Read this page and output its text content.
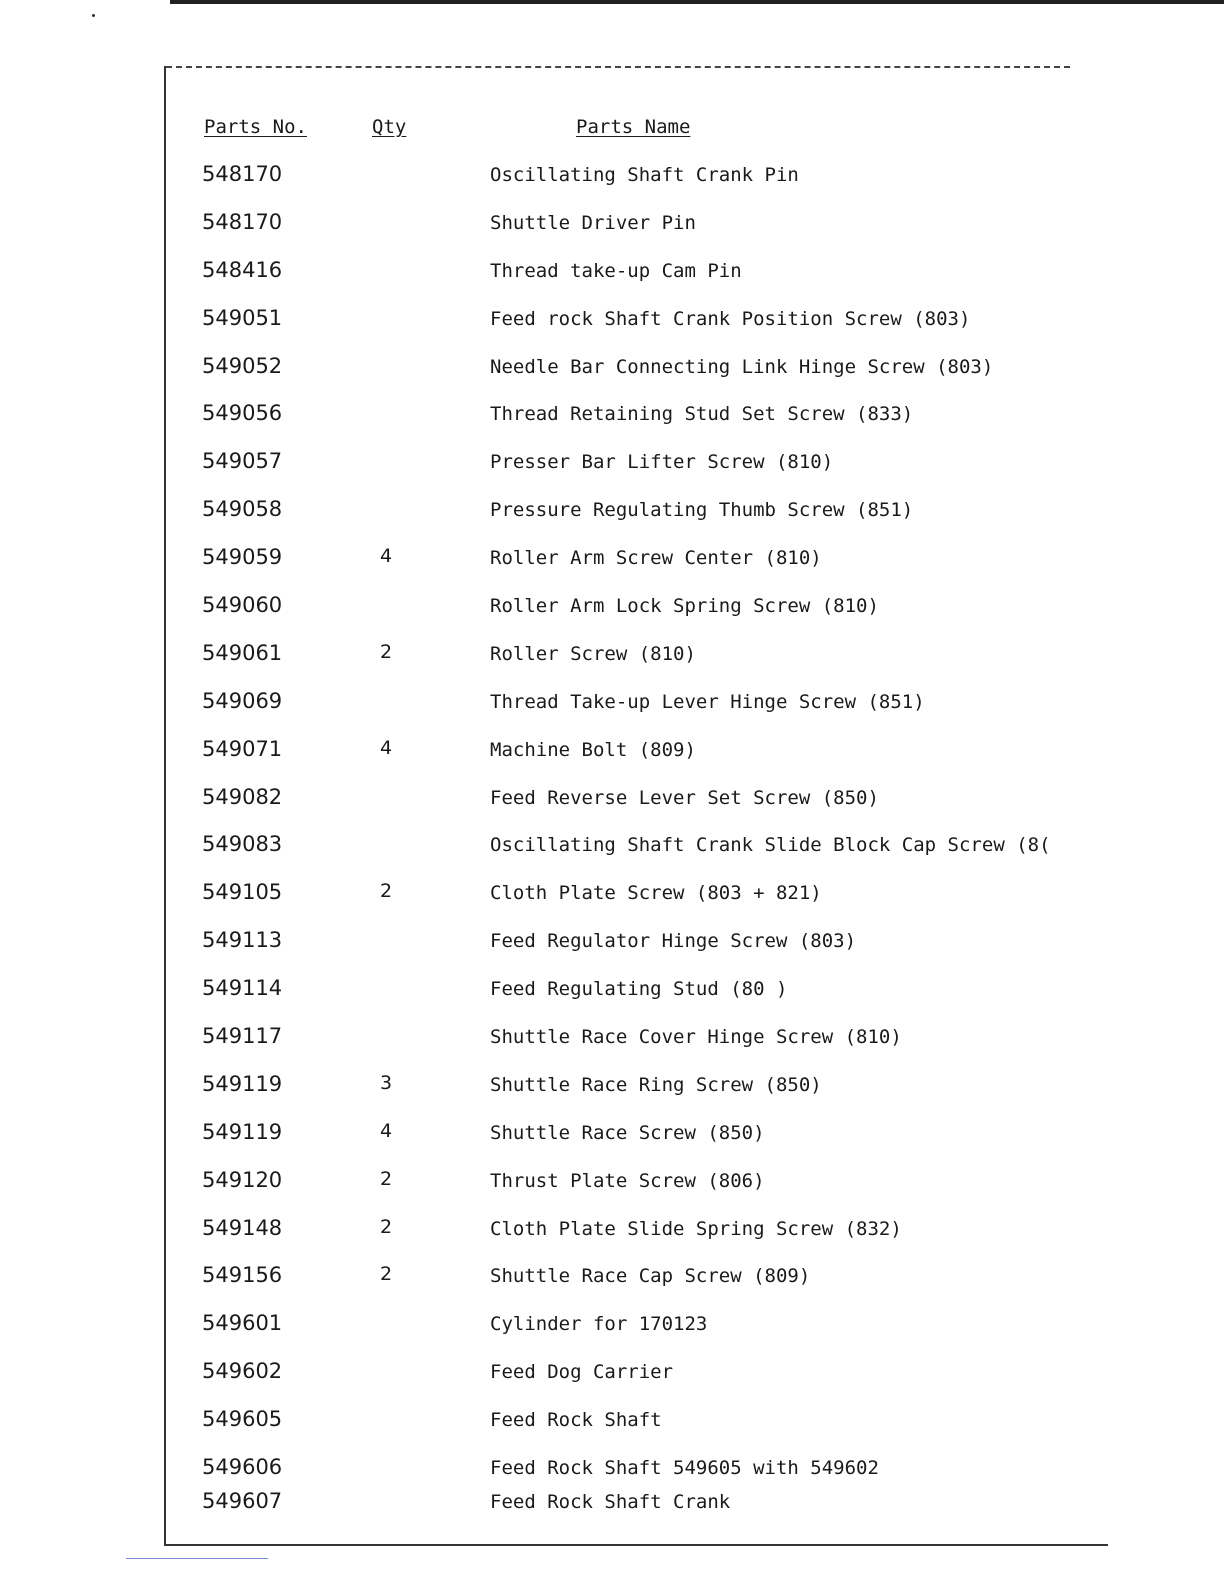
Parts No.	Qty	Parts Name
548170	Oscillating Shaft Crank Pin
548170	Shuttle Driver Pin
548416	Thread take-up Cam Pin
549051	Feed rock Shaft Crank Position Screw (803)
549052	Needle Bar Connecting Link Hinge Screw (803)
549056	Thread Retaining Stud Set Screw (833)
549057	Presser Bar Lifter Screw (810)
549058	Pressure Regulating Thumb Screw (851)
549059	4	Roller Arm Screw Center (810)
549060	Roller Arm Lock Spring Screw (810)
549061	2	Roller Screw (810)
549069	Thread Take-up Lever Hinge Screw (851)
549071	4	Machine Bolt (809)
549082	Feed Reverse Lever Set Screw (850)
549083	Oscillating Shaft Crank Slide Block Cap Screw (8(
549105	2	Cloth Plate Screw (803 + 821)
549113	Feed Regulator Hinge Screw (803)
549114	Feed Regulating Stud (80 )
549117	Shuttle Race Cover Hinge Screw (810)
549119	3	Shuttle Race Ring Screw (850)
549119	4	Shuttle Race Screw (850)
549120	2	Thrust Plate Screw (806)
549148	2	Cloth Plate Slide Spring Screw (832)
549156	2	Shuttle Race Cap Screw (809)
549601	Cylinder for 170123
549602	Feed Dog Carrier
549605	Feed Rock Shaft
549606	Feed Rock Shaft 549605 with 549602
549607	Feed Rock Shaft Crank
